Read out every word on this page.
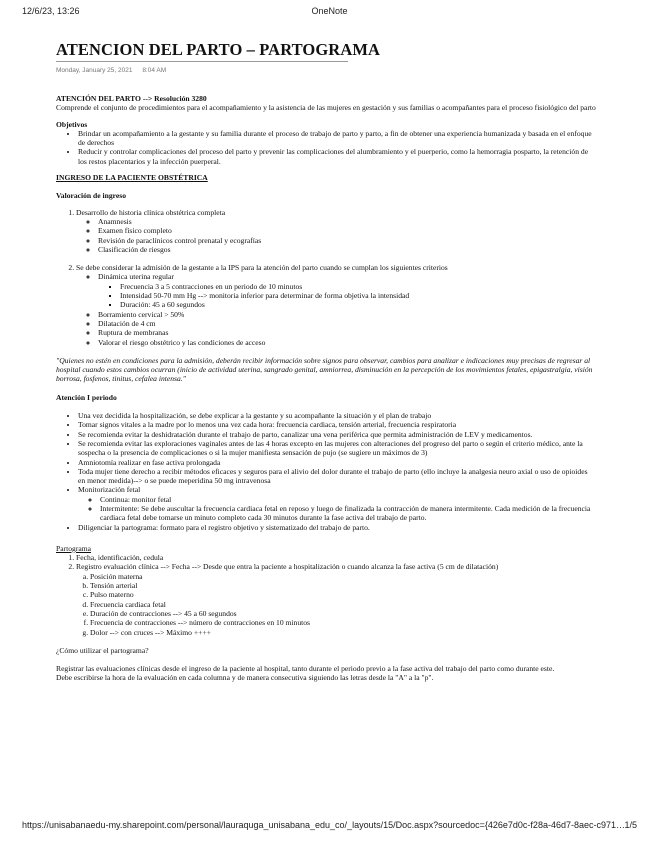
12/6/23, 13:26	OneNote
ATENCION DEL PARTO – PARTOGRAMA
Monday, January 25, 2021 8:04 AM

ATENCIÓN DEL PARTO --> Resolución 3280

Comprende el conjunto de procedimientos para el acompañamiento y la asistencia de las mujeres en gestación y sus familias o acompañantes para el proceso fisiológico del parto

Objetivos

• Brindar un acompañamiento a la gestante y su familia durante el proceso de trabajo de parto y parto, a fin de obtener una experiencia humanizada y basada en el enfoque de derechos
• Reducir y controlar complicaciones del proceso del parto y prevenir las complicaciones del alumbramiento y el puerperio, como la hemorragia posparto, la retención de los restos placentarios y la infección puerperal.

INGRESO DE LA PACIENTE OBSTÉTRICA

Valoración de ingreso

1. Desarrollo de historia clínica obstétrica completa
◦ Anamnesis
◦ Examen físico completo
◦ Revisión de paraclínicos control prenatal y ecografías
◦ Clasificación de riesgos
2. Se debe considerar la admisión de la gestante a la IPS para la atención del parto cuando se cumplan los siguientes criterios
◦ Dinámica uterina regular
▪ Frecuencia 3 a 5 contracciones en un periodo de 10 minutos
▪ Intensidad 50-70 mm Hg --> monitoria inferior para determinar de forma objetiva la intensidad
▪ Duración: 45 a 60 segundos
◦ Borramiento cervical > 50%
◦ Dilatación de 4 cm
◦ Ruptura de membranas
◦ Valorar el riesgo obstétrico y las condiciones de acceso

"Quienes no estén en condiciones para la admisión, deberán recibir información sobre signos para observar, cambios para analizar e indicaciones muy precisas de regresar al hospital cuando estos cambios ocurran (inicio de actividad uterina, sangrado genital, amniorrea, disminución en la percepción de los movimientos fetales, epigastralgia, visión borrosa, fosfenos, tinitus, cefalea intensa."

Atención I periodo

• Una vez decidida la hospitalización, se debe explicar a la gestante y su acompañante la situación y el plan de trabajo
• Tomar signos vitales a la madre por lo menos una vez cada hora: frecuencia cardiaca, tensión arterial, frecuencia respiratoria
• Se recomienda evitar la deshidratación durante el trabajo de parto, canalizar una vena periférica que permita administración de LEV y medicamentos.
• Se recomienda evitar las exploraciones vaginales antes de las 4 horas excepto en las mujeres con alteraciones del progreso del parto o según el criterio médico, ante la sospecha o la presencia de complicaciones o si la mujer manifiesta sensación de pujo (se sugiere un máximos de 3)
• Amniotomía realizar en fase activa prolongada
• Toda mujer tiene derecho a recibir métodos eficaces y seguros para el alivio del dolor durante el trabajo de parto (ello incluye la analgesia neuro axial o uso de opioides en menor medida)--> o se puede meperidina 50 mg intravenosa
• Monitorización fetal
◦ Continua: monitor fetal
◦ Intermitente: Se debe auscultar la frecuencia cardiaca fetal en reposo y luego de finalizada la contracción de manera intermitente. Cada medición de la frecuencia cardiaca fetal debe tomarse un minuto completo cada 30 minutos durante la fase activa del trabajo de parto.
• Diligenciar la partograma: formato para el registro objetivo y sistematizado del trabajo de parto.

Partograma

1. Fecha, identificación, cedula
2. Registro evaluación clínica --> Fecha --> Desde que entra la paciente a hospitalización o cuando alcanza la fase activa (5 cm de dilatación)
a. Posición materna
b. Tensión arterial
c. Pulso materno
d. Frecuencia cardiaca fetal
e. Duración de contracciones --> 45 a 60 segundos
f. Frecuencia de contracciones --> número de contracciones en 10 minutos
g. Dolor --> con cruces --> Máximo ++++

¿Cómo utilizar el partograma?

Registrar las evaluaciones clínicas desde el ingreso de la paciente al hospital, tanto durante el periodo previo a la fase activa del trabajo del parto como durante este.

Debe escribirse la hora de la evaluación en cada columna y de manera consecutiva siguiendo las letras desde la "A" a la "p".

https://unisabanaedu-my.sharepoint.com/personal/lauraquga_unisabana_edu_co/_layouts/15/Doc.aspx?sourcedoc={426e7d0c-f28a-46d7-8aec-c971… 1/5
